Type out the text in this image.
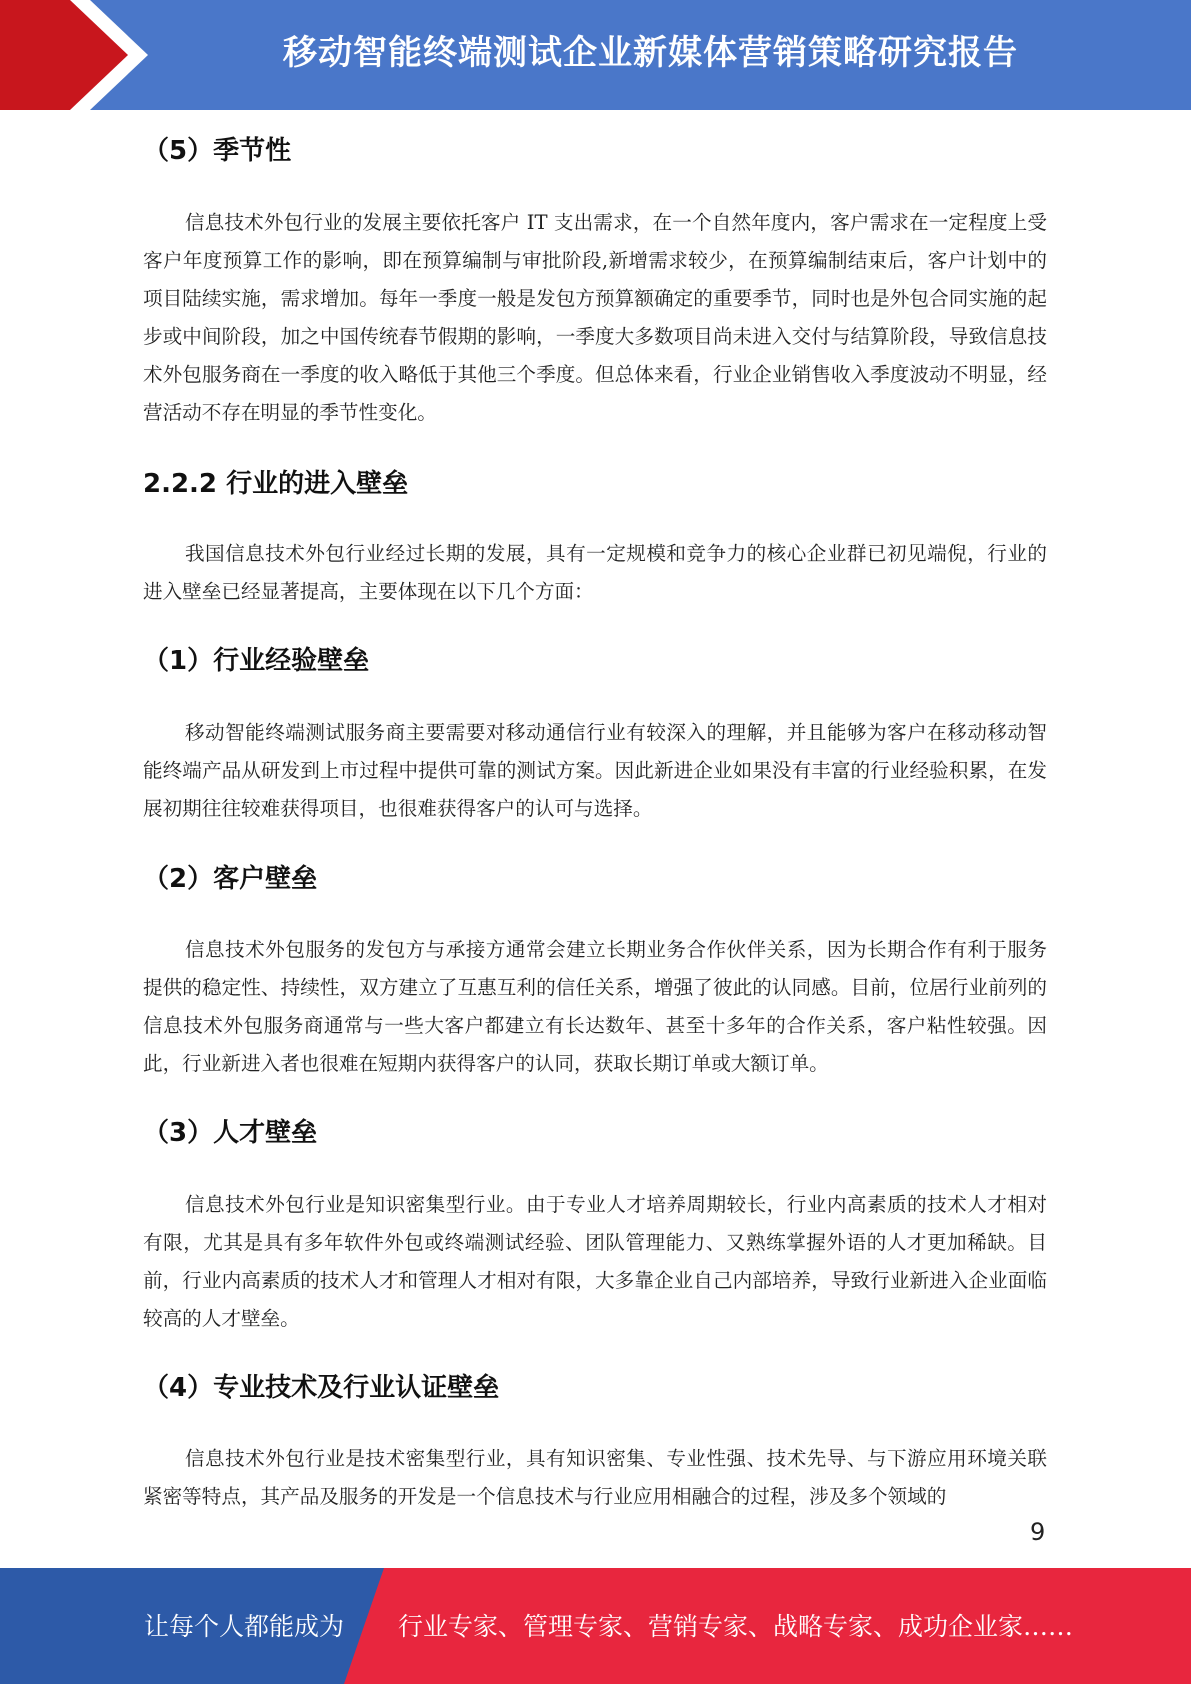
移动智能终端测试企业新媒体营销策略研究报告
（5）季节性
信息技术外包行业的发展主要依托客户 IT 支出需求，在一个自然年度内，客户需求在一定程度上受客户年度预算工作的影响，即在预算编制与审批阶段,新增需求较少，在预算编制结束后，客户计划中的项目陆续实施，需求增加。每年一季度一般是发包方预算额确定的重要季节，同时也是外包合同实施的起步或中间阶段，加之中国传统春节假期的影响，一季度大多数项目尚未进入交付与结算阶段，导致信息技术外包服务商在一季度的收入略低于其他三个季度。但总体来看，行业企业销售收入季度波动不明显，经营活动不存在明显的季节性变化。
2.2.2 行业的进入壁垒
我国信息技术外包行业经过长期的发展，具有一定规模和竞争力的核心企业群已初见端倪，行业的进入壁垒已经显著提高，主要体现在以下几个方面：
（1）行业经验壁垒
移动智能终端测试服务商主要需要对移动通信行业有较深入的理解，并且能够为客户在移动移动智能终端产品从研发到上市过程中提供可靠的测试方案。因此新进企业如果没有丰富的行业经验积累，在发展初期往往较难获得项目，也很难获得客户的认可与选择。
（2）客户壁垒
信息技术外包服务的发包方与承接方通常会建立长期业务合作伙伴关系，因为长期合作有利于服务提供的稳定性、持续性，双方建立了互惠互利的信任关系，增强了彼此的认同感。目前，位居行业前列的信息技术外包服务商通常与一些大客户都建立有长达数年、甚至十多年的合作关系，客户粘性较强。因此，行业新进入者也很难在短期内获得客户的认同，获取长期订单或大额订单。
（3）人才壁垒
信息技术外包行业是知识密集型行业。由于专业人才培养周期较长，行业内高素质的技术人才相对有限，尤其是具有多年软件外包或终端测试经验、团队管理能力、又熟练掌握外语的人才更加稀缺。目前，行业内高素质的技术人才和管理人才相对有限，大多靠企业自己内部培养，导致行业新进入企业面临较高的人才壁垒。
（4）专业技术及行业认证壁垒
信息技术外包行业是技术密集型行业，具有知识密集、专业性强、技术先导、与下游应用环境关联紧密等特点，其产品及服务的开发是一个信息技术与行业应用相融合的过程，涉及多个领域的
9
让每个人都能成为 行业专家、管理专家、营销专家、战略专家、成功企业家……
